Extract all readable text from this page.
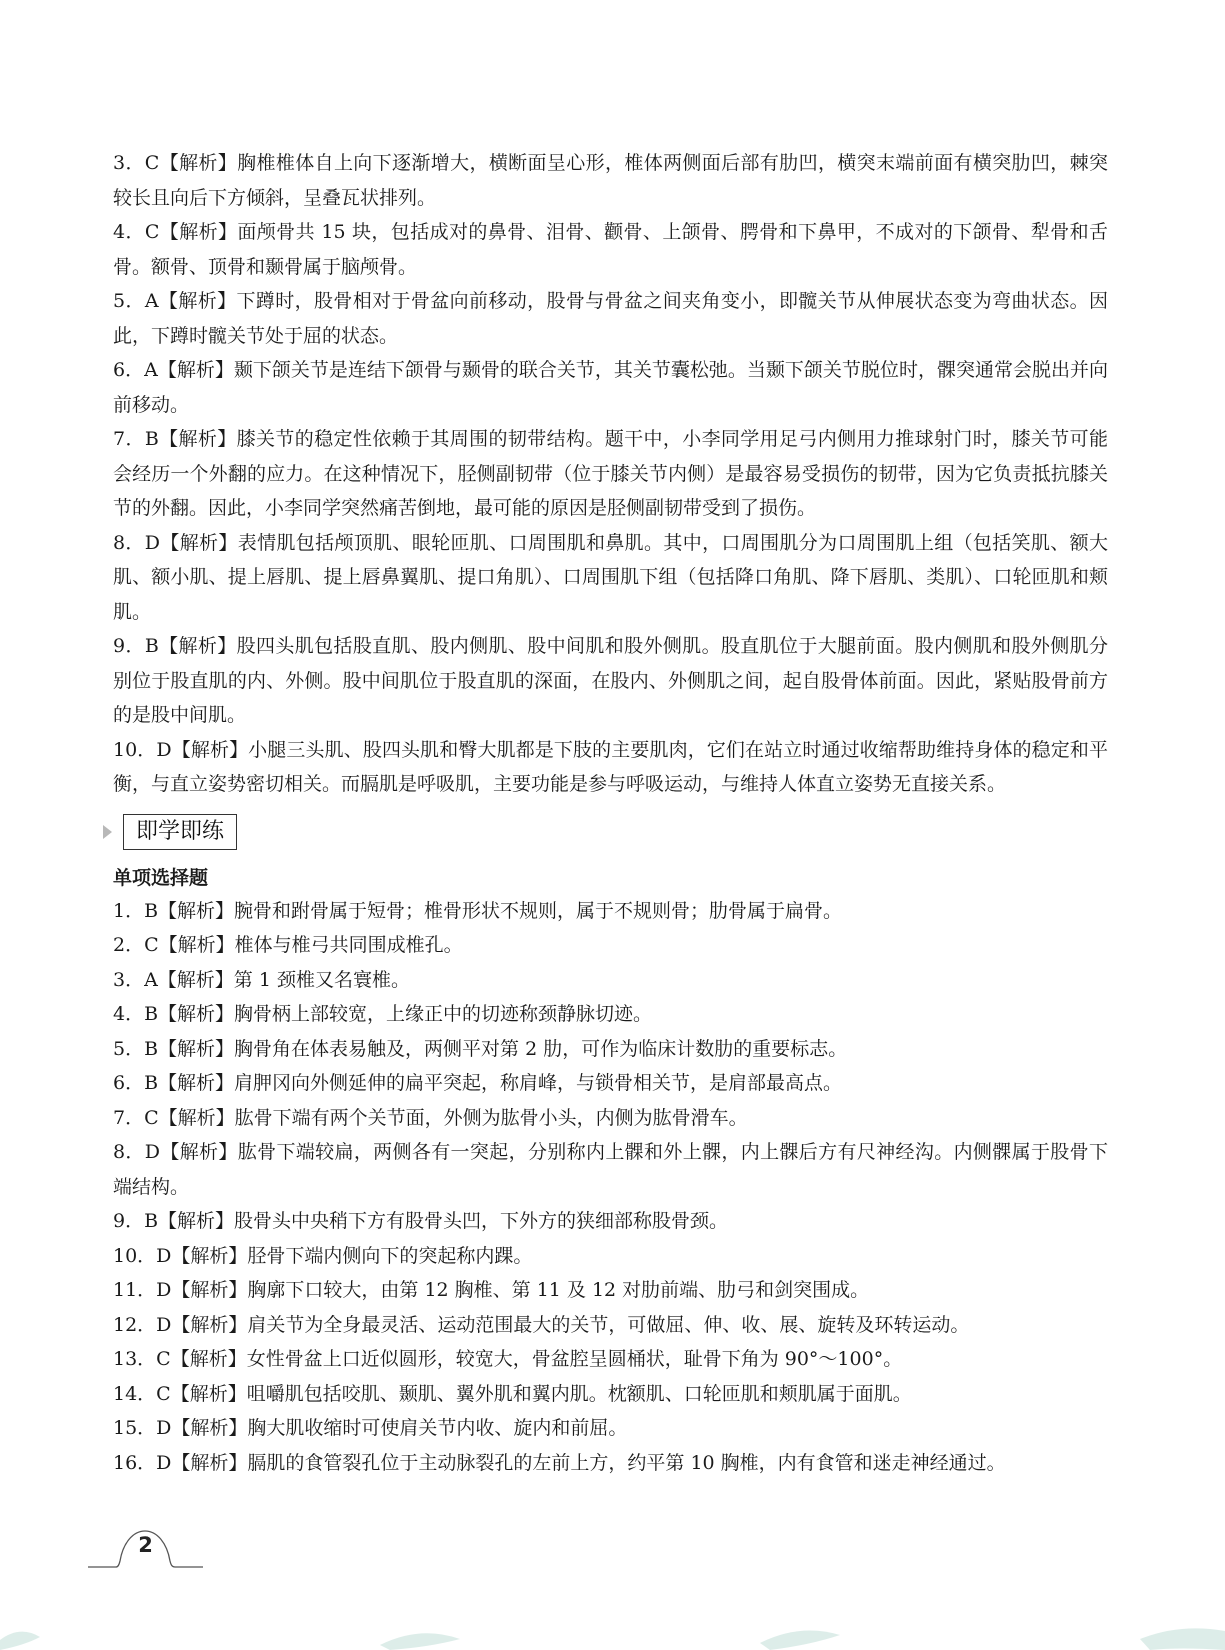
3．C【解析】胸椎椎体自上向下逐渐增大，横断面呈心形，椎体两侧面后部有肋凹，横突末端前面有横突肋凹，棘突较长且向后下方倾斜，呈叠瓦状排列。

4．C【解析】面颅骨共 15 块，包括成对的鼻骨、泪骨、颧骨、上颌骨、腭骨和下鼻甲，不成对的下颌骨、犁骨和舌骨。额骨、顶骨和颞骨属于脑颅骨。

5．A【解析】下蹲时，股骨相对于骨盆向前移动，股骨与骨盆之间夹角变小，即髋关节从伸展状态变为弯曲状态。因此，下蹲时髋关节处于屈的状态。

6．A【解析】颞下颌关节是连结下颌骨与颞骨的联合关节，其关节囊松弛。当颞下颌关节脱位时，髁突通常会脱出并向前移动。

7．B【解析】膝关节的稳定性依赖于其周围的韧带结构。题干中，小李同学用足弓内侧用力推球射门时，膝关节可能会经历一个外翻的应力。在这种情况下，胫侧副韧带（位于膝关节内侧）是最容易受损伤的韧带，因为它负责抵抗膝关节的外翻。因此，小李同学突然痛苦倒地，最可能的原因是胫侧副韧带受到了损伤。

8．D【解析】表情肌包括颅顶肌、眼轮匝肌、口周围肌和鼻肌。其中，口周围肌分为口周围肌上组（包括笑肌、额大肌、额小肌、提上唇肌、提上唇鼻翼肌、提口角肌）、口周围肌下组（包括降口角肌、降下唇肌、类肌）、口轮匝肌和颊肌。

9．B【解析】股四头肌包括股直肌、股内侧肌、股中间肌和股外侧肌。股直肌位于大腿前面。股内侧肌和股外侧肌分别位于股直肌的内、外侧。股中间肌位于股直肌的深面，在股内、外侧肌之间，起自股骨体前面。因此，紧贴股骨前方的是股中间肌。

10．D【解析】小腿三头肌、股四头肌和臀大肌都是下肢的主要肌肉，它们在站立时通过收缩帮助维持身体的稳定和平衡，与直立姿势密切相关。而膈肌是呼吸肌，主要功能是参与呼吸运动，与维持人体直立姿势无直接关系。

即学即练

单项选择题

1．B【解析】腕骨和跗骨属于短骨；椎骨形状不规则，属于不规则骨；肋骨属于扁骨。

2．C【解析】椎体与椎弓共同围成椎孔。

3．A【解析】第 1 颈椎又名寰椎。

4．B【解析】胸骨柄上部较宽，上缘正中的切迹称颈静脉切迹。

5．B【解析】胸骨角在体表易触及，两侧平对第 2 肋，可作为临床计数肋的重要标志。

6．B【解析】肩胛冈向外侧延伸的扁平突起，称肩峰，与锁骨相关节，是肩部最高点。

7．C【解析】肱骨下端有两个关节面，外侧为肱骨小头，内侧为肱骨滑车。

8．D【解析】肱骨下端较扁，两侧各有一突起，分别称内上髁和外上髁，内上髁后方有尺神经沟。内侧髁属于股骨下端结构。

9．B【解析】股骨头中央稍下方有股骨头凹，下外方的狭细部称股骨颈。

10．D【解析】胫骨下端内侧向下的突起称内踝。

11．D【解析】胸廓下口较大，由第 12 胸椎、第 11 及 12 对肋前端、肋弓和剑突围成。

12．D【解析】肩关节为全身最灵活、运动范围最大的关节，可做屈、伸、收、展、旋转及环转运动。

13．C【解析】女性骨盆上口近似圆形，较宽大，骨盆腔呈圆桶状，耻骨下角为 90°～100°。

14．C【解析】咀嚼肌包括咬肌、颞肌、翼外肌和翼内肌。枕额肌、口轮匝肌和颊肌属于面肌。

15．D【解析】胸大肌收缩时可使肩关节内收、旋内和前屈。

16．D【解析】膈肌的食管裂孔位于主动脉裂孔的左前上方，约平第 10 胸椎，内有食管和迷走神经通过。

2
